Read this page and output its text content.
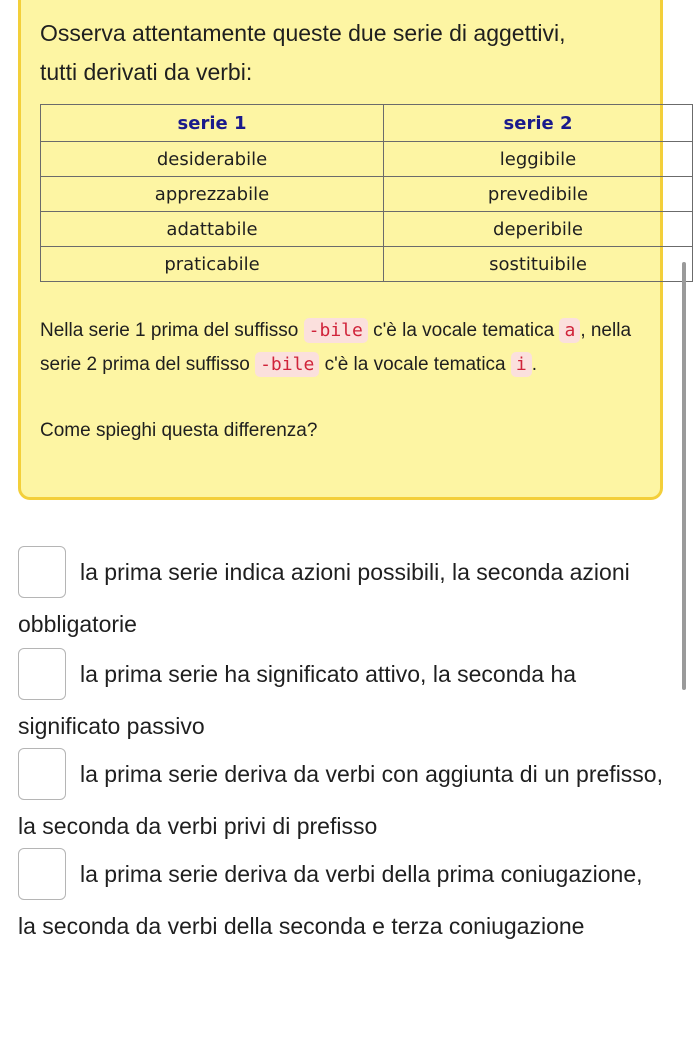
Osserva attentamente queste due serie di aggettivi, tutti derivati da verbi:

serie 1	serie 2
desiderabile	leggibile
apprezzabile	prevedibile
adattabile	deperibile
praticabile	sostituibile

Nella serie 1 prima del suffisso -bile c'è la vocale tematica a , nella serie 2 prima del suffisso -bile c'è la vocale tematica i .

Come spieghi questa differenza?

la prima serie indica azioni possibili, la seconda azioni obbligatorie

la prima serie ha significato attivo, la seconda ha significato passivo

la prima serie deriva da verbi con aggiunta di un prefisso, la seconda da verbi privi di prefisso

la prima serie deriva da verbi della prima coniugazione, la seconda da verbi della seconda e terza coniugazione
